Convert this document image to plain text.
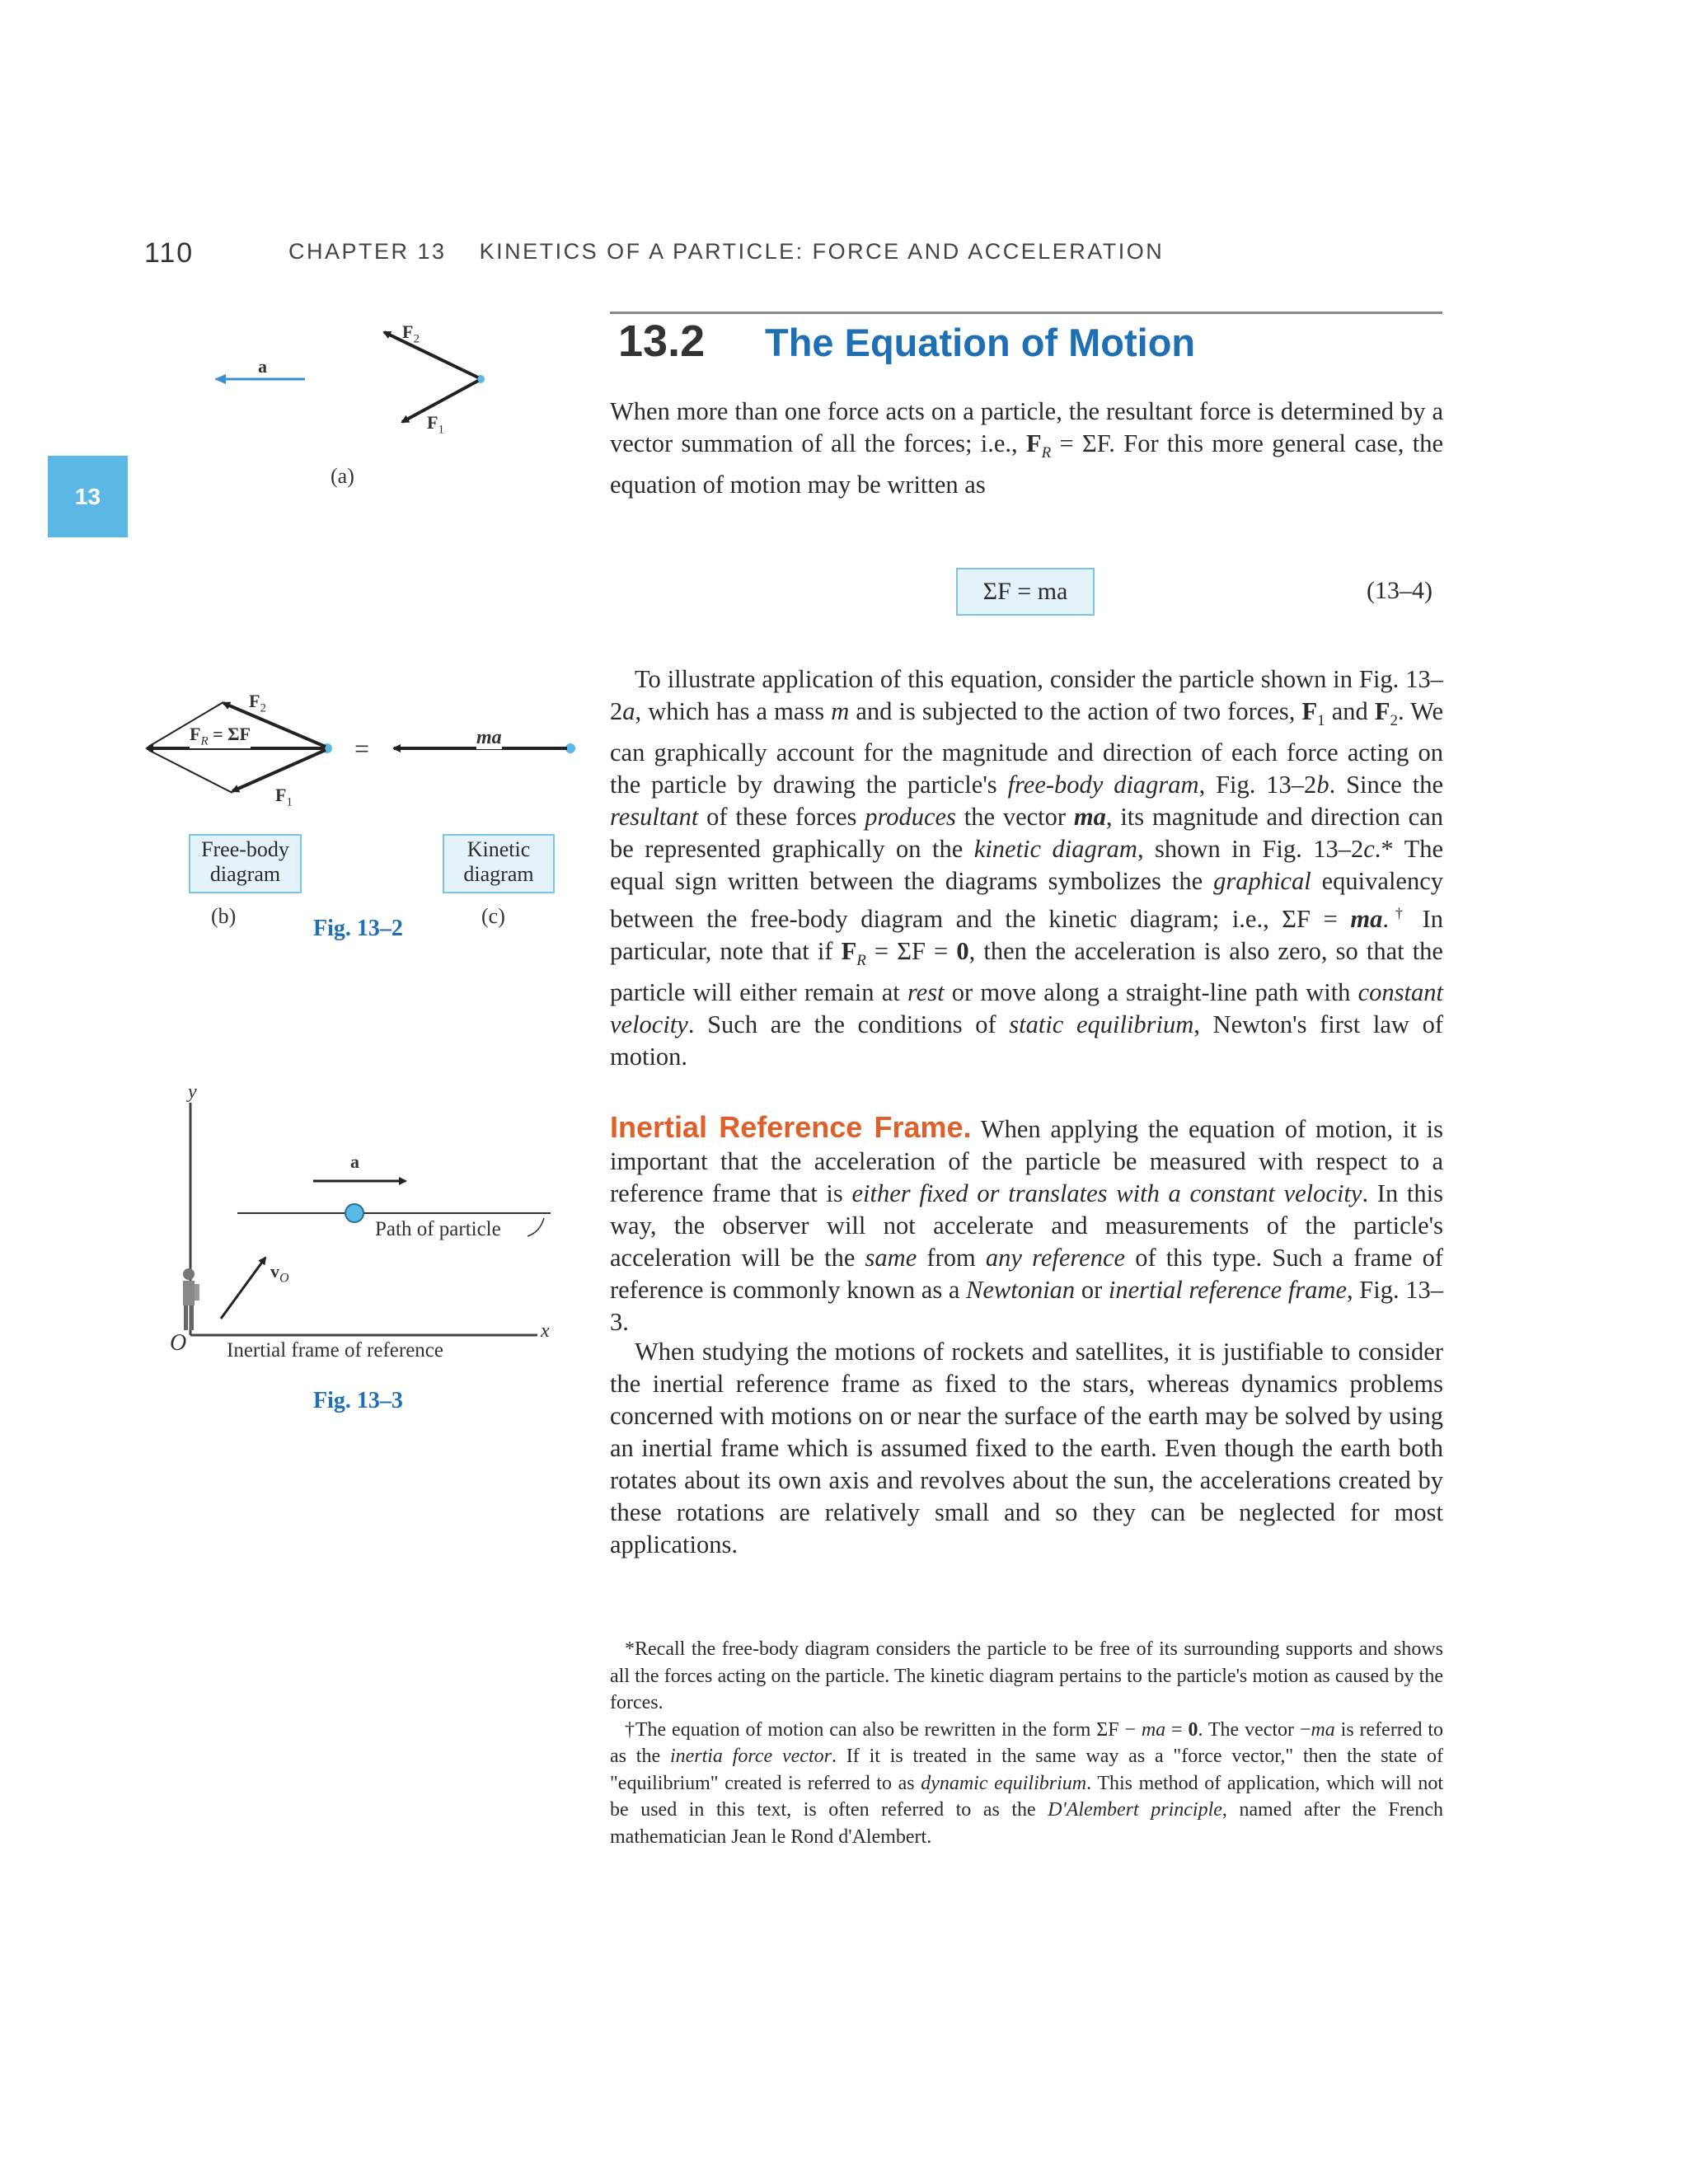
110	CHAPTER 13 KINETICS OF A PARTICLE: FORCE AND ACCELERATION
13
13.2 The Equation of Motion

When more than one force acts on a particle, the resultant force is determined by a vector summation of all the forces; i.e., $F_R = \Sigma F$. For this more general case, the equation of motion may be written as

ΣF = ma	(13–4)

To illustrate application of this equation, consider the particle shown in Fig. 13–2a, which has a mass m and is subjected to the action of two forces, $F_1$ and $F_2$. We can graphically account for the magnitude and direction of each force acting on the particle by drawing the particle's free-body diagram, Fig. 13–2b. Since the resultant of these forces produces the vector ma, its magnitude and direction can be represented graphically on the kinetic diagram, shown in Fig. 13–2c.* The equal sign written between the diagrams symbolizes the graphical equivalency between the free-body diagram and the kinetic diagram; i.e., ΣF = ma.† In particular, note that if $F_R = \Sigma F = 0$, then the acceleration is also zero, so that the particle will either remain at rest or move along a straight-line path with constant velocity. Such are the conditions of static equilibrium, Newton's first law of motion.

Inertial Reference Frame. When applying the equation of motion, it is important that the acceleration of the particle be measured with respect to a reference frame that is either fixed or translates with a constant velocity. In this way, the observer will not accelerate and measurements of the particle's acceleration will be the same from any reference of this type. Such a frame of reference is commonly known as a Newtonian or inertial reference frame, Fig. 13–3.

When studying the motions of rockets and satellites, it is justifiable to consider the inertial reference frame as fixed to the stars, whereas dynamics problems concerned with motions on or near the surface of the earth may be solved by using an inertial frame which is assumed fixed to the earth. Even though the earth both rotates about its own axis and revolves about the sun, the accelerations created by these rotations are relatively small and so they can be neglected for most applications.

*Recall the free-body diagram considers the particle to be free of its surrounding supports and shows all the forces acting on the particle. The kinetic diagram pertains to the particle's motion as caused by the forces.

†The equation of motion can also be rewritten in the form ΣF − ma = 0. The vector −ma is referred to as the inertia force vector. If it is treated in the same way as a "force vector," then the state of "equilibrium" created is referred to as dynamic equilibrium. This method of application, which will not be used in this text, is often referred to as the D'Alembert principle, named after the French mathematician Jean le Rond d'Alembert.

a
$F_2$
$F_1$
(a)
$F_2$
$F_R = \Sigma F$
$F_1$
=	ma
Free-body
diagram
Kinetic
diagram
(b)	(c)
Fig. 13–2
y
x
O
a
$v_O$
Path of particle
Inertial frame of reference
Fig. 13–3
